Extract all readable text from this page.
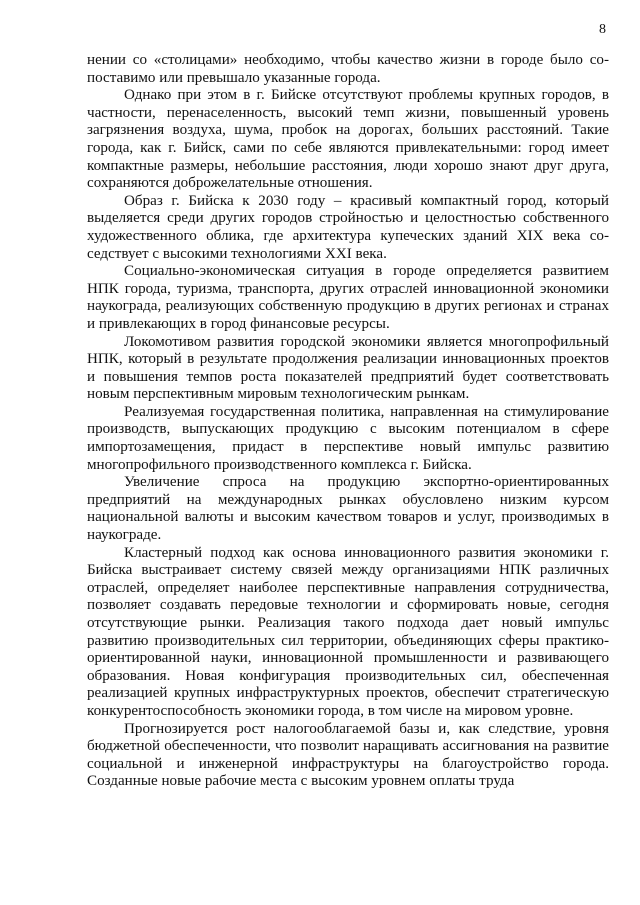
8

нении со «столицами» необходимо, чтобы качество жизни в городе было сопоставимо или превышало указанные города.

Однако при этом в г. Бийске отсутствуют проблемы крупных городов, в частности, перенаселенность, высокий темп жизни, повышенный уровень загрязнения воздуха, шума, пробок на дорогах, больших расстояний. Такие города, как г. Бийск, сами по себе являются привлекательными: город имеет компактные размеры, небольшие расстояния, люди хорошо знают друг друга, сохраняются доброжелательные отношения.

Образ г. Бийска к 2030 году – красивый компактный город, который выделяется среди других городов стройностью и целостностью собственного художественного облика, где архитектура купеческих зданий XIX века соседствует с высокими технологиями XXI века.

Социально-экономическая ситуация в городе определяется развитием НПК города, туризма, транспорта, других отраслей инновационной экономики наукограда, реализующих собственную продукцию в других регионах и странах и привлекающих в город финансовые ресурсы.

Локомотивом развития городской экономики является многопрофильный НПК, который в результате продолжения реализации инновационных проектов и повышения темпов роста показателей предприятий будет соответствовать новым перспективным мировым технологическим рынкам.

Реализуемая государственная политика, направленная на стимулирование производств, выпускающих продукцию с высоким потенциалом в сфере импортозамещения, придаст в перспективе новый импульс развитию многопрофильного производственного комплекса г. Бийска.

Увеличение спроса на продукцию экспортно-ориентированных предприятий на международных рынках обусловлено низким курсом национальной валюты и высоким качеством товаров и услуг, производимых в наукограде.

Кластерный подход как основа инновационного развития экономики г. Бийска выстраивает систему связей между организациями НПК различных отраслей, определяет наиболее перспективные направления сотрудничества, позволяет создавать передовые технологии и сформировать новые, сегодня отсутствующие рынки. Реализация такого подхода дает новый импульс развитию производительных сил территории, объединяющих сферы практико-ориентированной науки, инновационной промышленности и развивающего образования. Новая конфигурация производительных сил, обеспеченная реализацией крупных инфраструктурных проектов, обеспечит стратегическую конкурентоспособность экономики города, в том числе на мировом уровне.

Прогнозируется рост налогооблагаемой базы и, как следствие, уровня бюджетной обеспеченности, что позволит наращивать ассигнования на развитие социальной и инженерной инфраструктуры на благоустройство города. Созданные новые рабочие места с высоким уровнем оплаты труда
